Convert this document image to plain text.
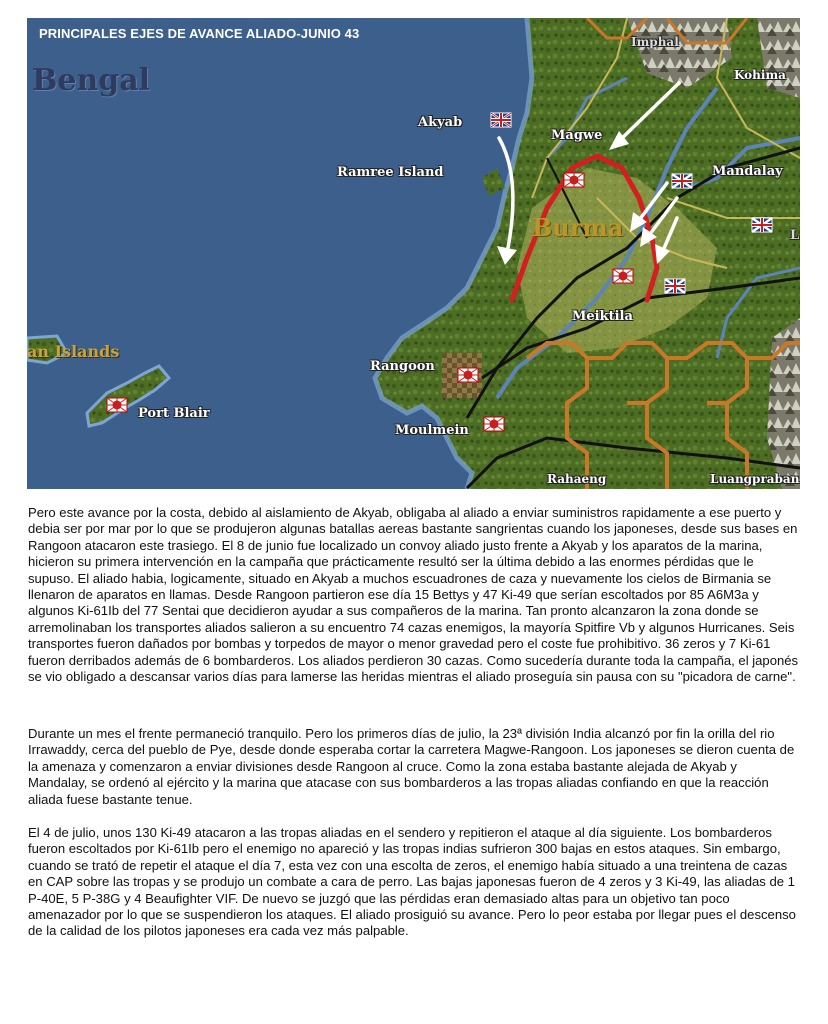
PRINCIPALES EJES DE AVANCE ALIADO-JUNIO 43
Bengal
Imphal
Kohima
Akyab
Magwe
Ramree Island	Mandalay
Burma	L
Meiktila
an Islands
Rangoon
Port Blair
Moulmein
Rahaeng	Luangpraban

Pero este avance por la costa, debido al aislamiento de Akyab, obligaba al aliado a enviar suministros rapidamente a ese puerto y debia ser por mar por lo que se produjeron algunas batallas aereas bastante sangrientas cuando los japoneses, desde sus bases en Rangoon atacaron este trasiego. El 8 de junio fue localizado un convoy aliado justo frente a Akyab y los aparatos de la marina, hicieron su primera intervención en la campaña que prácticamente resultó ser la última debido a las enormes pérdidas que le supuso. El aliado habia, logicamente, situado en Akyab a muchos escuadrones de caza y nuevamente los cielos de Birmania se llenaron de aparatos en llamas. Desde Rangoon partieron ese día 15 Bettys y 47 Ki-49 que serían escoltados por 85 A6M3a y algunos Ki-61Ib del 77 Sentai que decidieron ayudar a sus compañeros de la marina. Tan pronto alcanzaron la zona donde se arremolinaban los transportes aliados salieron a su encuentro 74 cazas enemigos, la mayoría Spitfire Vb y algunos Hurricanes. Seis transportes fueron dañados por bombas y torpedos de mayor o menor gravedad pero el coste fue prohibitivo. 36 zeros y 7 Ki-61 fueron derribados además de 6 bombarderos. Los aliados perdieron 30 cazas. Como sucedería durante toda la campaña, el japonés se vio obligado a descansar varios días para lamerse las heridas mientras el aliado proseguía sin pausa con su "picadora de carne".

Durante un mes el frente permaneció tranquilo. Pero los primeros días de julio, la 23ª división India alcanzó por fin la orilla del rio Irrawaddy, cerca del pueblo de Pye, desde donde esperaba cortar la carretera Magwe-Rangoon. Los japoneses se dieron cuenta de la amenaza y comenzaron a enviar divisiones desde Rangoon al cruce. Como la zona estaba bastante alejada de Akyab y Mandalay, se ordenó al ejército y la marina que atacase con sus bombarderos a las tropas aliadas confiando en que la reacción aliada fuese bastante tenue.

El 4 de julio, unos 130 Ki-49 atacaron a las tropas aliadas en el sendero y repitieron el ataque al día siguiente. Los bombarderos fueron escoltados por Ki-61Ib pero el enemigo no apareció y las tropas indias sufrieron 300 bajas en estos ataques. Sin embargo, cuando se trató de repetir el ataque el día 7, esta vez con una escolta de zeros, el enemigo había situado a una treintena de cazas en CAP sobre las tropas y se produjo un combate a cara de perro. Las bajas japonesas fueron de 4 zeros y 3 Ki-49, las aliadas de 1 P-40E, 5 P-38G y 4 Beaufighter VIF. De nuevo se juzgó que las pérdidas eran demasiado altas para un objetivo tan poco amenazador por lo que se suspendieron los ataques. El aliado prosiguió su avance. Pero lo peor estaba por llegar pues el descenso de la calidad de los pilotos japoneses era cada vez más palpable.
